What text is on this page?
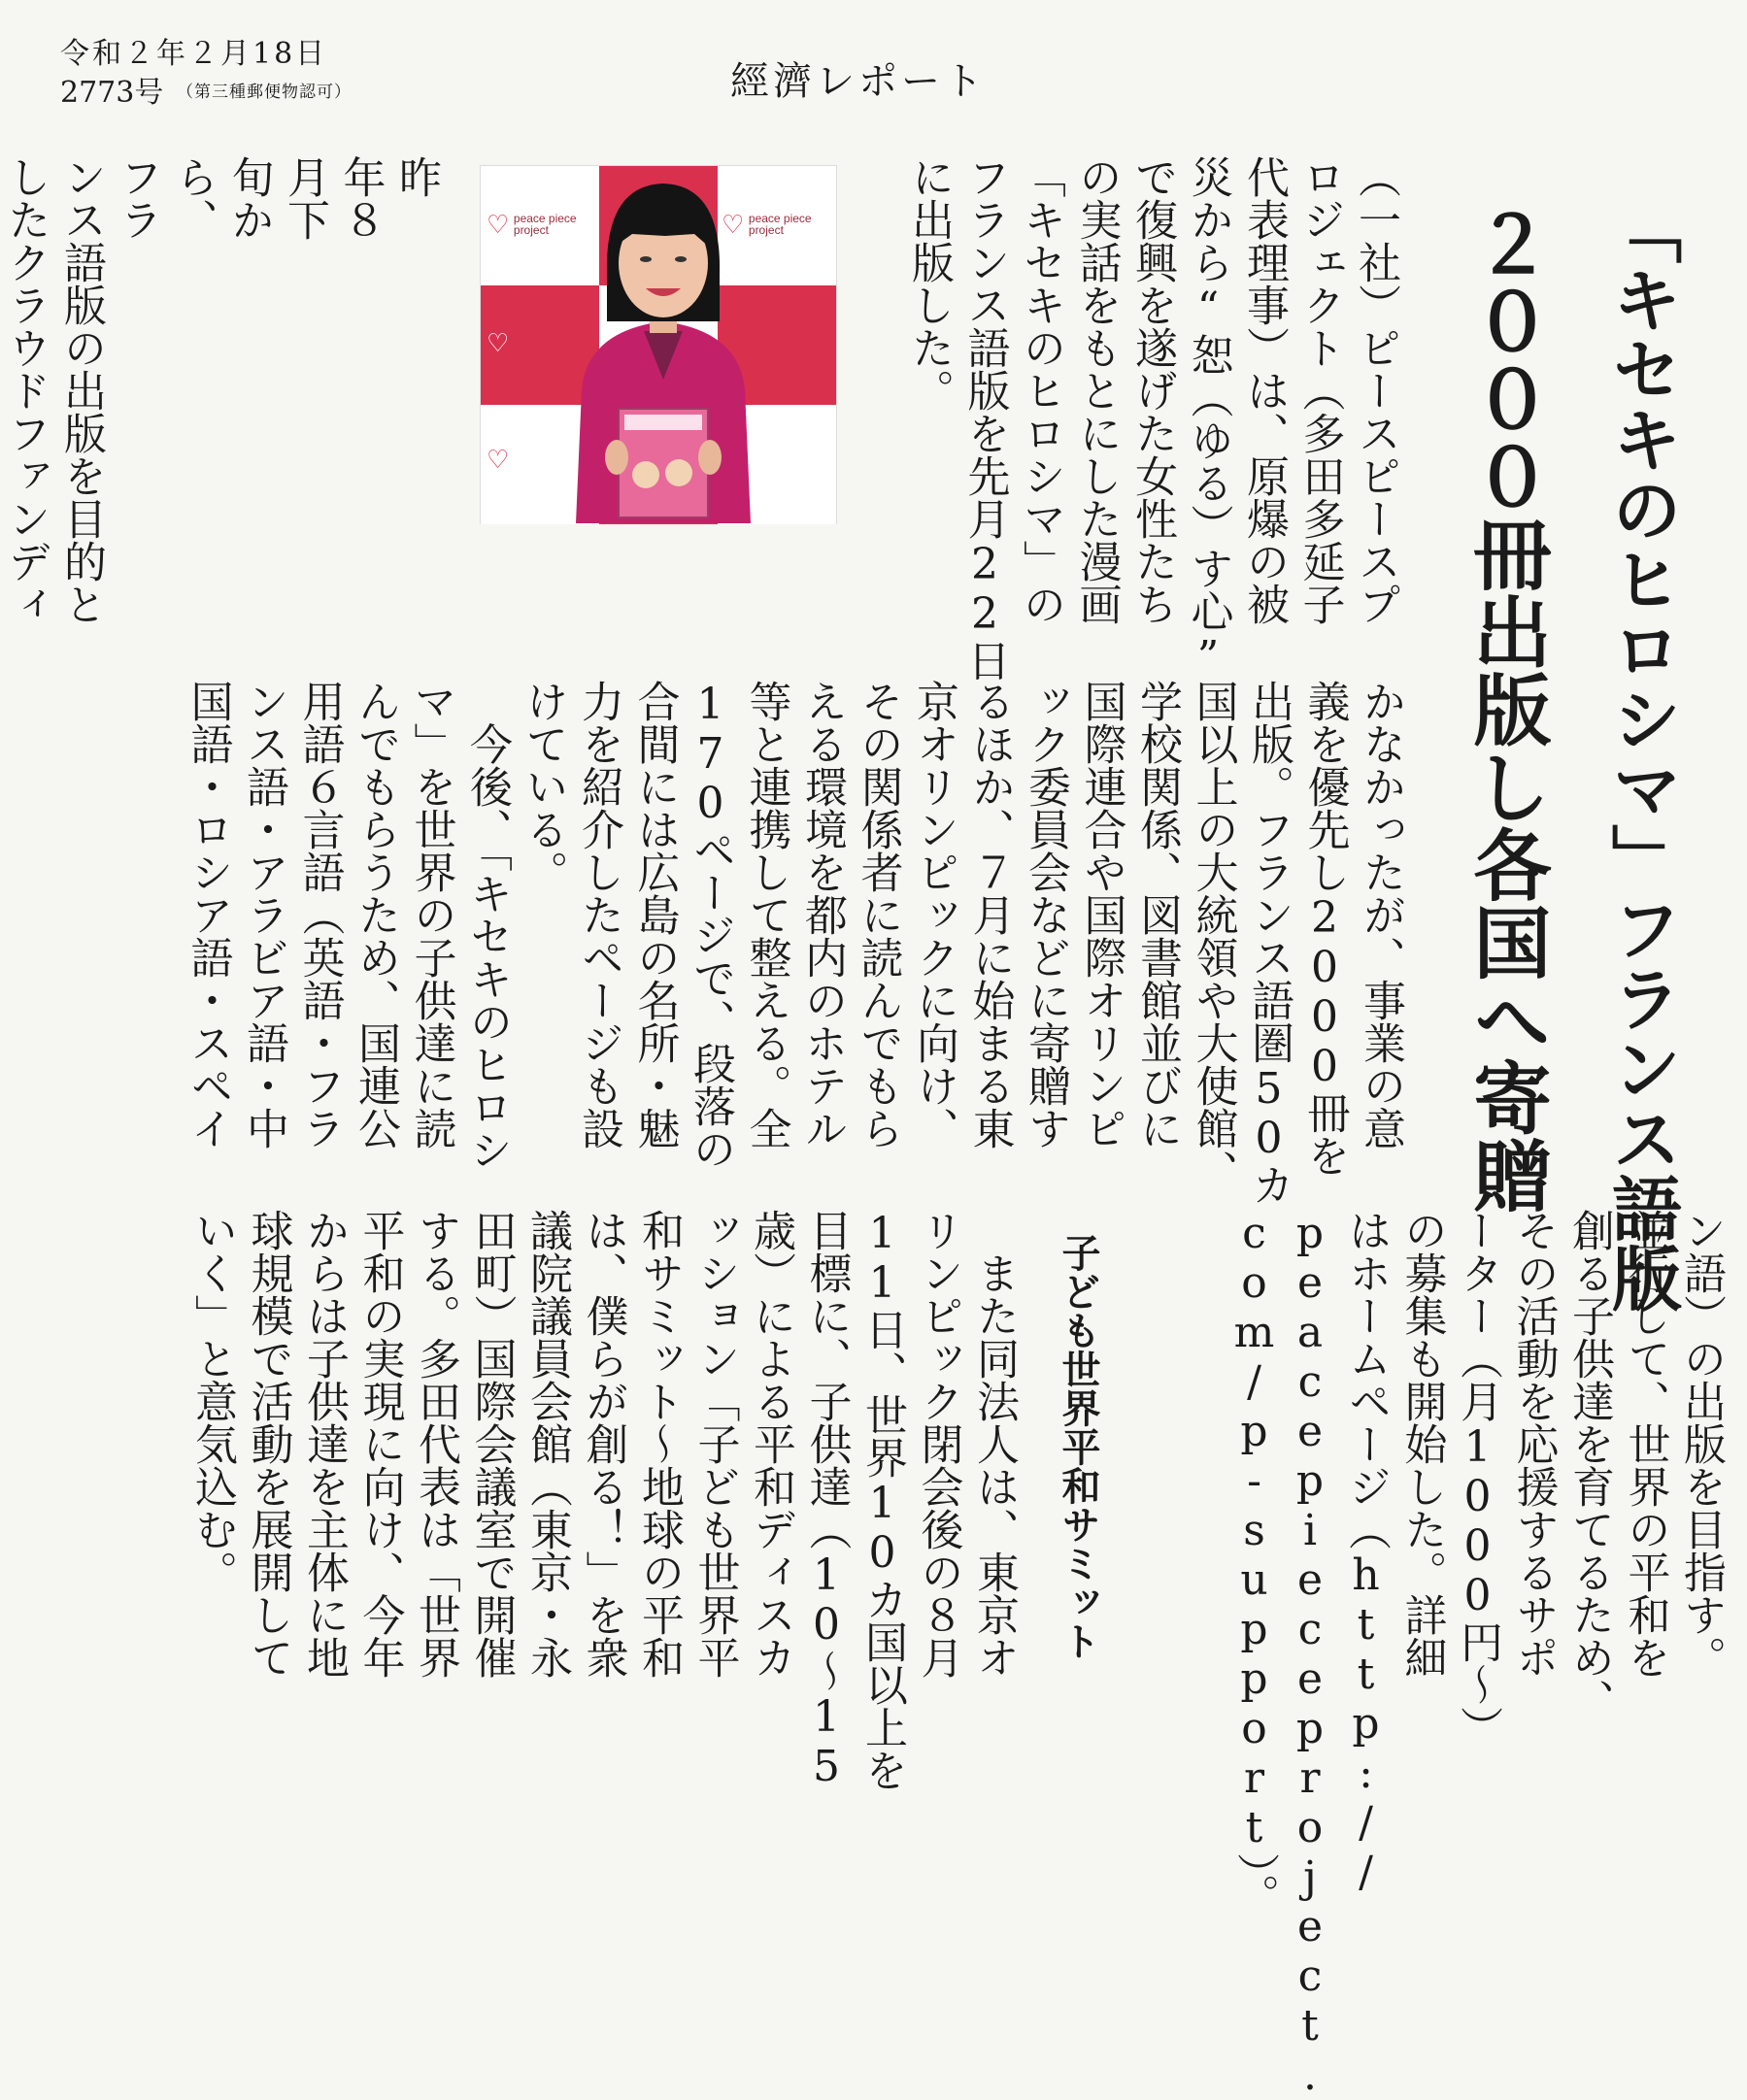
令和２年２月18日
2773号 （第三種郵便物認可）	經濟レポート
「キセキのヒロシマ」フランス語版
２０００冊出版し各国へ寄贈
♡ peace piece project	♡ peace piece project
♡
♡	（一社）ピースピースプ
ロジェクト（多田多延子
代表理事）は、原爆の被
災から“恕（ゆる）す心”
で復興を遂げた女性たち
の実話をもとにした漫画
「キセキのヒロシマ」の
フランス語版を先月22日
に出版した。
昨
年８
月下
旬か
ら、
フラ
ンス語版の出版を目的と
したクラウドファンディ

かなかったが、事業の意
義を優先し2000冊を
出版。フランス語圏50カ
国以上の大統領や大使館、
学校関係、図書館並びに
国際連合や国際オリンピ
ック委員会などに寄贈す
るほか、７月に始まる東
京オリンピックに向け、
その関係者に読んでもら
える環境を都内のホテル
等と連携して整える。全
170ページで、段落の
合間には広島の名所・魅
力を紹介したページも設
けている。
　今後、「キセキのヒロシ
マ」を世界の子供達に読
んでもらうため、国連公
用語６言語（英語・フラ
ンス語・アラビア語・中
国語・ロシア語・スペイ
ン語）の出版を目指す。
並行して、世界の平和を
創る子供達を育てるため、
その活動を応援するサポ
ーター（月1000円〜）
の募集も開始した。詳細
はホームページ（http://
peacepieceproject.
com/p-support）。
子ども世界平和サミット
　また同法人は、東京オ
リンピック閉会後の８月
11日、世界10カ国以上を
目標に、子供達（10〜15
歳）による平和ディスカ
ッション「子ども世界平
和サミット〜地球の平和
は、僕らが創る！」を衆
議院議員会館（東京・永
田町）国際会議室で開催
する。多田代表は「世界
平和の実現に向け、今年
からは子供達を主体に地
球規模で活動を展開して
いく」と意気込む。
